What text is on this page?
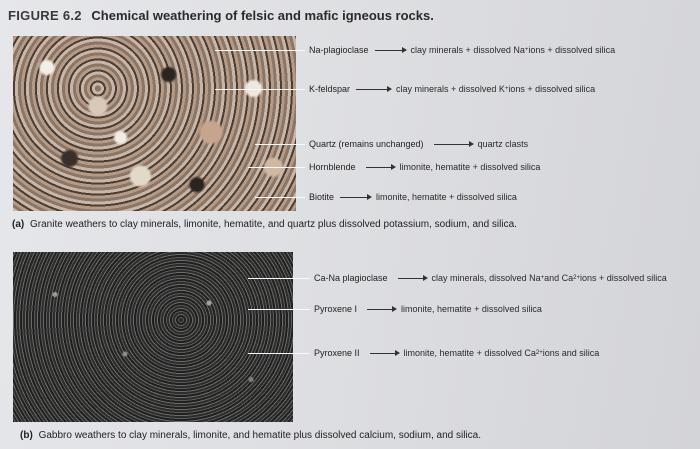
FIGURE 6.2 Chemical weathering of felsic and mafic igneous rocks.
Na-plagioclase	clay minerals + dissolved Na + ions + dissolved silica
K-feldspar	clay minerals + dissolved K + ions + dissolved silica
Quartz (remains unchanged)	quartz clasts
Hornblende	limonite, hematite + dissolved silica
Biotite	limonite, hematite + dissolved silica
(a) Granite weathers to clay minerals, limonite, hematite, and quartz plus dissolved potassium, sodium, and silica.
Ca-Na plagioclase	clay minerals, dissolved Na + and Ca 2+ ions + dissolved silica
Pyroxene I	limonite, hematite + dissolved silica
Pyroxene II	limonite, hematite + dissolved Ca 2+ ions and silica
(b) Gabbro weathers to clay minerals, limonite, and hematite plus dissolved calcium, sodium, and silica.
